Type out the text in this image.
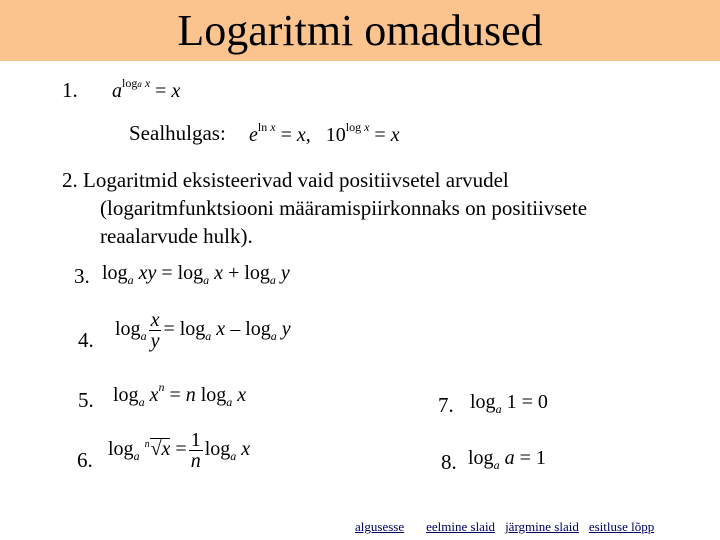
Logaritmi omadused
1. $a^{loga x} = x$
Sealhulgas: $e^{ln x} = x$,   $10^{log x} = x$
2. Logaritmid eksisteerivad vaid positiivsetel arvudel
(logaritmfunktsiooni määramispiirkonnaks on positiivsete
reaalarvude hulk).
3. $\log_a$ xy = $\log_a x + \log_a y$
4. $\log_a \frac{x}{y} = \log_a x - \log_a y$
5. $\log_a x^n = n$ $\log_a x$	7. $\log_a 1 = 0$
6. $\log_a ^n√x = \frac{1}{n} \log_a x$
8. $\log_a a = 1$
algusesse eelmine slaid järgmine slaid esitluse lõpp
